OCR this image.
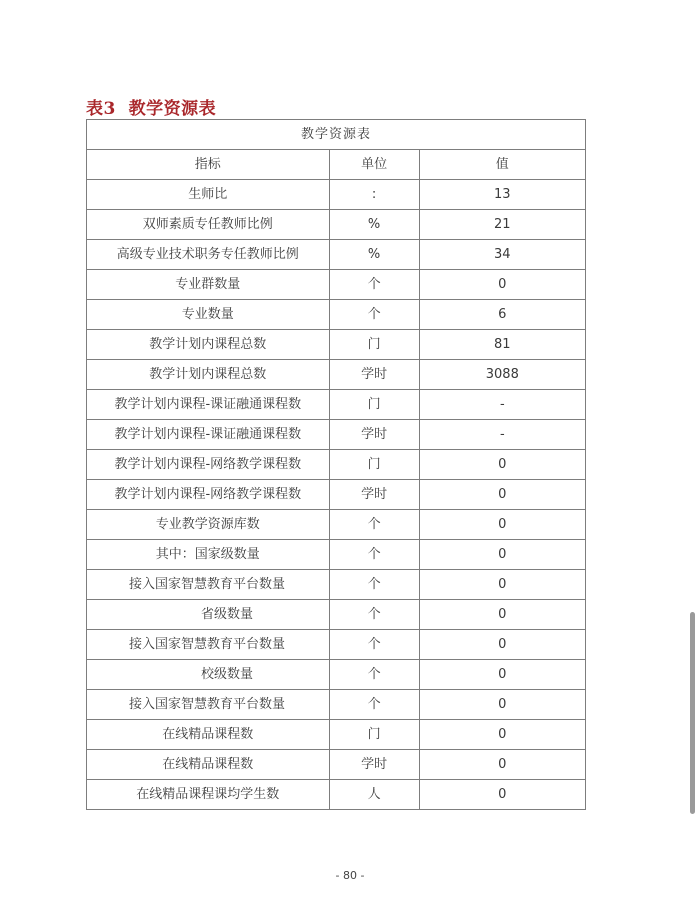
表3  教学资源表
教学资源表		
指标	单位	值
生师比	:	13
双师素质专任教师比例	%	21
高级专业技术职务专任教师比例	%	34
专业群数量	个	0
专业数量	个	6
教学计划内课程总数	门	81
教学计划内课程总数	学时	3088
教学计划内课程-课证融通课程数	门	-
教学计划内课程-课证融通课程数	学时	-
教学计划内课程-网络教学课程数	门	0
教学计划内课程-网络教学课程数	学时	0
专业教学资源库数	个	0
其中：国家级数量	个	0
接入国家智慧教育平台数量	个	0
省级数量	个	0
接入国家智慧教育平台数量	个	0
校级数量	个	0
接入国家智慧教育平台数量	个	0
在线精品课程数	门	0
在线精品课程数	学时	0
在线精品课程课均学生数	人	0
- 80 -
